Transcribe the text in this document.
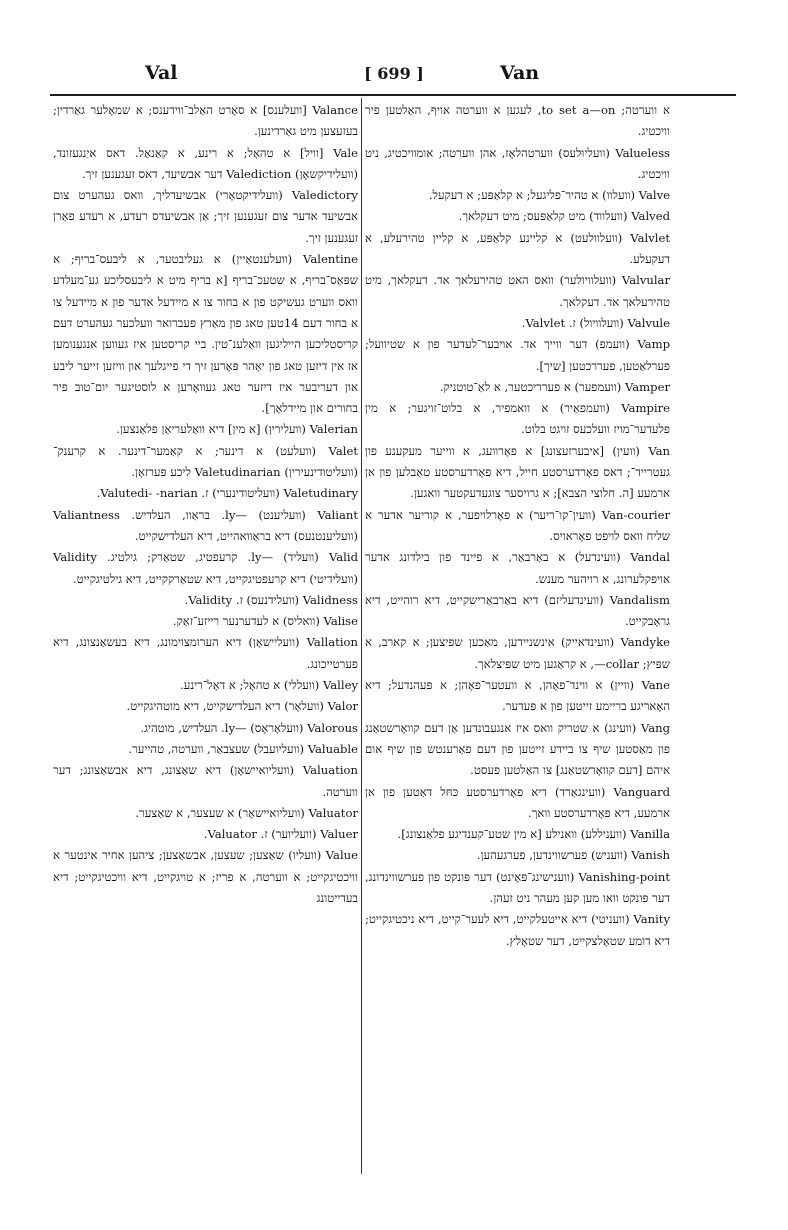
Val	[ 699 ]	Van

Valance [וועלענס] א סאָרט האַלב־ווידענס; א שמאָלער גאַרדין; בעזעצען מיט גאַרדינען.

Vale [וויל] א טהאָל; א רינע, א קאַנאַל. דאס איַנגעזונד, (וועלידיקשאָן) Valediction דער אבשיעד, דאס זעגענען זיך.

Valedictory (וועלידיקטאָרי) אבשיעדליך, וואס געהערט צום אבשיעד אדער צום זעגענען זיך; אַן אבשיעדס רעדע, א רעדע פאַרן זעגענען זיך.

Valentine (וועלענטאַיין) א געליבטער, א ליבעס־בריף; א שפּאַס־בריף, א שטעכ־בריף [א בריף מיט א ליבעסליכע גע־מעלדע וואס ווערט געשיקט פון א בחור צו א מיידעל אדער פון א מיידעל צו א בחור דעם 14טען טאג פון מאַרץ פעברואר וועלכער געהערט דעם קריסטליכען הייליגען וואַלענ־טין. ביי קריסטען איז געווען אנגענומען אז אין דיזען טאג פון יאָהר פּאָרען זיך די פייגלעך און וויזען זייער ליבע און דעריבער איז דיזער טאג געוואָרען א לוסטיגער יום־טוב פיר בחורים און מיידלאַך].

Valerian (וועלירין) [א מין] דיא וואַלעריאַן פלאַנצען.

Valet (וועלעט) א דינער; א קאַמער־דינער. א קרענק־ (וועליטודינעירין) Valetudinarian ליכע פּערזאָן.

Valetudinary (וועליטודינערי) ז. Valutedi- -narian.

Valiant (וועליענט) —ly. בראַוו, העלדיש. Valiantness (וועליענטנעס) דיא בראַוואהייט, דיא העלדישקייט.

Valid (וועליד) —ly. קרעפטיג, שטאַרק; גילטיג. Validity (וועלידיטי) דיא קרעפטיגקייט, דיא שטאַרקקייט, דיא גילטיגקייט.

Validness (וועלידנעס) ז. Validity.

Valise (וואליס) א לעדערנער רייזע־זאַק.

Vallation (וועליישאָן) דיא הערומצוימונג, דיא בעשאַנצונג, דיא פערטייכונג.

Valley (וועללי) א טהאָל; א דאָל־רינע.

Valor (וועלאָר) דיא העלדישקייט, דיא מוטהיגקייט.

Valorous (וועלאָראָס) —ly. העלדיש, מוטהיג.

Valuable (וועליועבל) שעצבאַר, ווערטה, טהייער.

Valuation (וועליואיישאָן) דיא שאַצונג, דיא אבשאַצונג; דער ווערטה.

Valuator (וועליואיישאָר) א שעצער, א שאַצער.

Valuer (וועליוער) ז. Valuator.

Value (וועליו) שאַצען; שעצען, אבשאַצען; ציהען אחיר אינטער א וויכטיגקייט; א ווערטה, א פריז; א טויגקייט, דיא וויכטיגקייט; דיא בעדייטונג

א ווערטה; to set a—on, לעגען א ווערטה אויף, האַלטען פיר וויכטיג.

Valueless (וועליוּלעס) ווערטהלאָז, אהן ווערטה; אומוויכטיג, ניט וויכטיג.

Valve (וועלוו) א טהיר־פליגעל; א קלאַפּע; א דעקעל.

Valved (וועלווד) מיט קלאַפּעס; מיט דעקלאך.

Valvlet (וועלוולעט) א קליינע קלאַפּע, א קליין טהירעלע, א דעקעלע.

Valvular (וועלוויולער) וואס האט טהירעלאך אד. דעקלאך, מיט טהירעלאך אד. דעקלאך.

Valvule (וועלוויול) ז. Valvlet.

Vamp (וועמפ) דער ווייך אד. אויבער־לעדער פון א שטיוועל; פערלאַטען, פעררכטען [שיך].

Vamper (וועמפער) א פערריכטער, א לאַ־טוטניק.

Vampire (וועמפאַיר) א וואמפיר, א בלוט־זויגער; א מין פלעדער־מויז וועלכעס זויגט בלוט.

Van (וועין) [איבערזעצונג] א פאָרוועג, א ווייער מעקענע פון געטרייד־; דאס פאָרדערסטע חייל, דיא פאָרדערסטע טאַבלען פון אן ארמעע [ה. חלוצי הצבא]; א גרויסער צוגעדעקטער וואגען.

Van-courier (וועין־קו־ריער) א פאָרלויפער, א קוריער אדער א שליח וואס לויפט פאָראויס.

Vandal (וועינדעל) א באַרבאַר, א פיינד פון בילדונג אדער אויפקלערונג, א רויהער מענש.

Vandalism (וועינדעליזם) דיא באַרבאַרישקייט, דיא רוהייט, דיא גראָבקייט.

Vandyke (וועינדאייק) אינשניידען, מאַכען שפּיצען; א קארב, א שפּיץ; collar—, א קראַגען מיט שפּיצלאך.

Vane (וויין) א ווינד־פאָהן, א וועטער־פאָהן; א פּעהנדעל; דיא האָאריגע בריימע זייטען פון א פּעדער.

Vang (וועינג) א שטריק וואס איז אנגעבונדען אַן דעם קוואָרשטאַנג פון מאַסטען שיף צו ביידע זייטען פון דעם פאַרענטש פון שיף אום איהם [דעם קוואָרשטאַנג] צו האַלטען פעסט.

Vanguard (וועינגאַרד) דיא פאָרדערסטע כּחּל דאַטען פון אן ארמעע, דיא פאָרדערסטע וואך.

Vanilla (וועניללע) וואנילע [א מין שטע־קענדיגע פלאַנצונג].

Vanish (וועניש) פערשווינדען, פערגעהען.

Vanishing-point (ווענישינג־פּאָינט) דער פּונקט פון פערשווינדונג, דער פּונקט וואו מען קען מעהר ניט זעהן.

Vanity (וועניטי) דיא אייטעלקייט, דיא לעער־קייט, דיא ניכטיגקייט; דיא דומע שטאָלצקייט, דער שטאָלץ.
